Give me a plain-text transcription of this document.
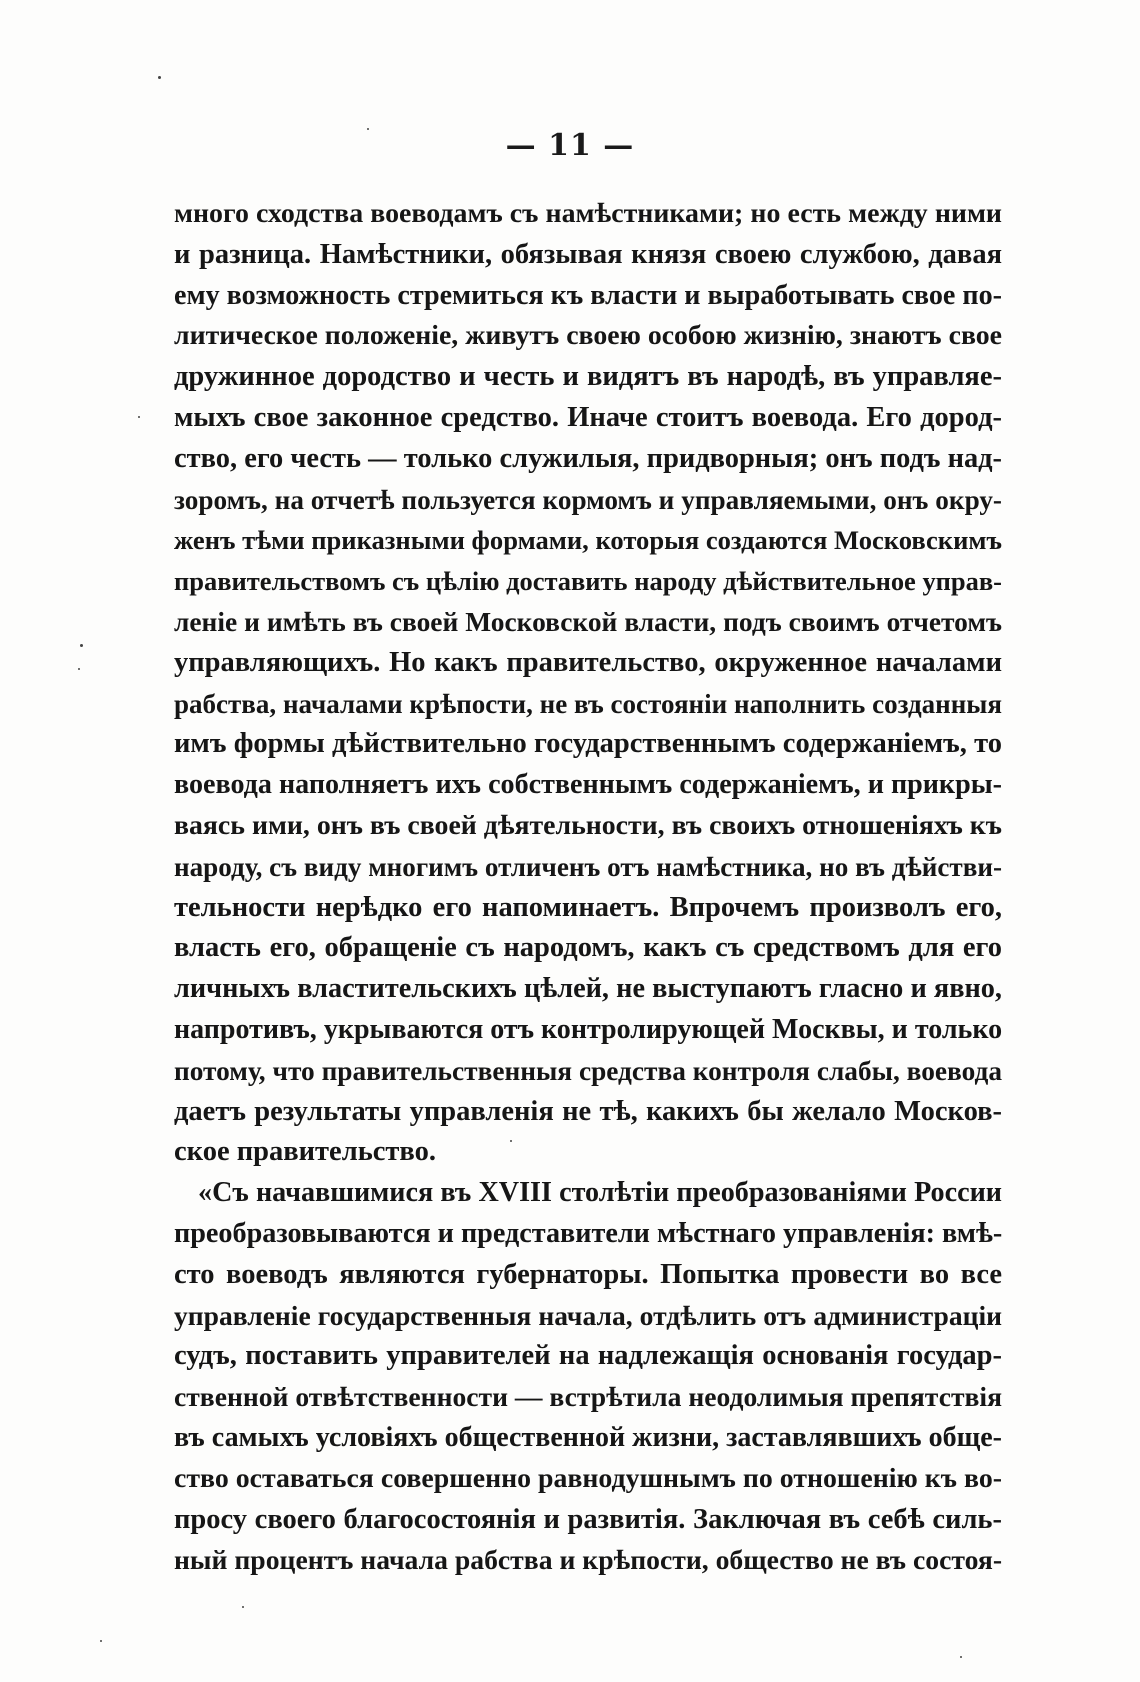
— 11 —
много сходства воеводамъ съ намѣстниками; но есть между ними
и разница. Намѣстники, обязывая князя своею службою, давая
ему возможность стремиться къ власти и выработывать свое по-
литическое положеніе, живутъ своею особою жизнію, знаютъ свое
дружинное дородство и честь и видятъ въ народѣ, въ управляе-
мыхъ свое законное средство. Иначе стоитъ воевода. Его дород-
ство, его честь — только служилыя, придворныя; онъ подъ над-
зоромъ, на отчетѣ пользуется кормомъ и управляемыми, онъ окру-
женъ тѣми приказными формами, которыя создаются Московскимъ
правительствомъ съ цѣлію доставить народу дѣйствительное управ-
леніе и имѣть въ своей Московской власти, подъ своимъ отчетомъ
управляющихъ. Но какъ правительство, окруженное началами
рабства, началами крѣпости, не въ состояніи наполнить созданныя
имъ формы дѣйствительно государственнымъ содержаніемъ, то
воевода наполняетъ ихъ собственнымъ содержаніемъ, и прикры-
ваясь ими, онъ въ своей дѣятельности, въ своихъ отношеніяхъ къ
народу, съ виду многимъ отличенъ отъ намѣстника, но въ дѣйстви-
тельности нерѣдко его напоминаетъ. Впрочемъ произволъ его,
власть его, обращеніе съ народомъ, какъ съ средствомъ для его
личныхъ властительскихъ цѣлей, не выступаютъ гласно и явно,
напротивъ, укрываются отъ контролирующей Москвы, и только
потому, что правительственныя средства контроля слабы, воевода
даетъ результаты управленія не тѣ, какихъ бы желало Москов-
ское правительство.
«Съ начавшимися въ XVIII столѣтіи преобразованіями России
преобразовываются и представители мѣстнаго управленія: вмѣ-
сто воеводъ являются губернаторы. Попытка провести во все
управленіе государственныя начала, отдѣлить отъ администраціи
судъ, поставить управителей на надлежащія основанія государ-
ственной отвѣтственности — встрѣтила неодолимыя препятствія
въ самыхъ условіяхъ общественной жизни, заставлявшихъ обще-
ство оставаться совершенно равнодушнымъ по отношенію къ во-
просу своего благосостоянія и развитія. Заключая въ себѣ силь-
ный процентъ начала рабства и крѣпости, общество не въ состоя-
